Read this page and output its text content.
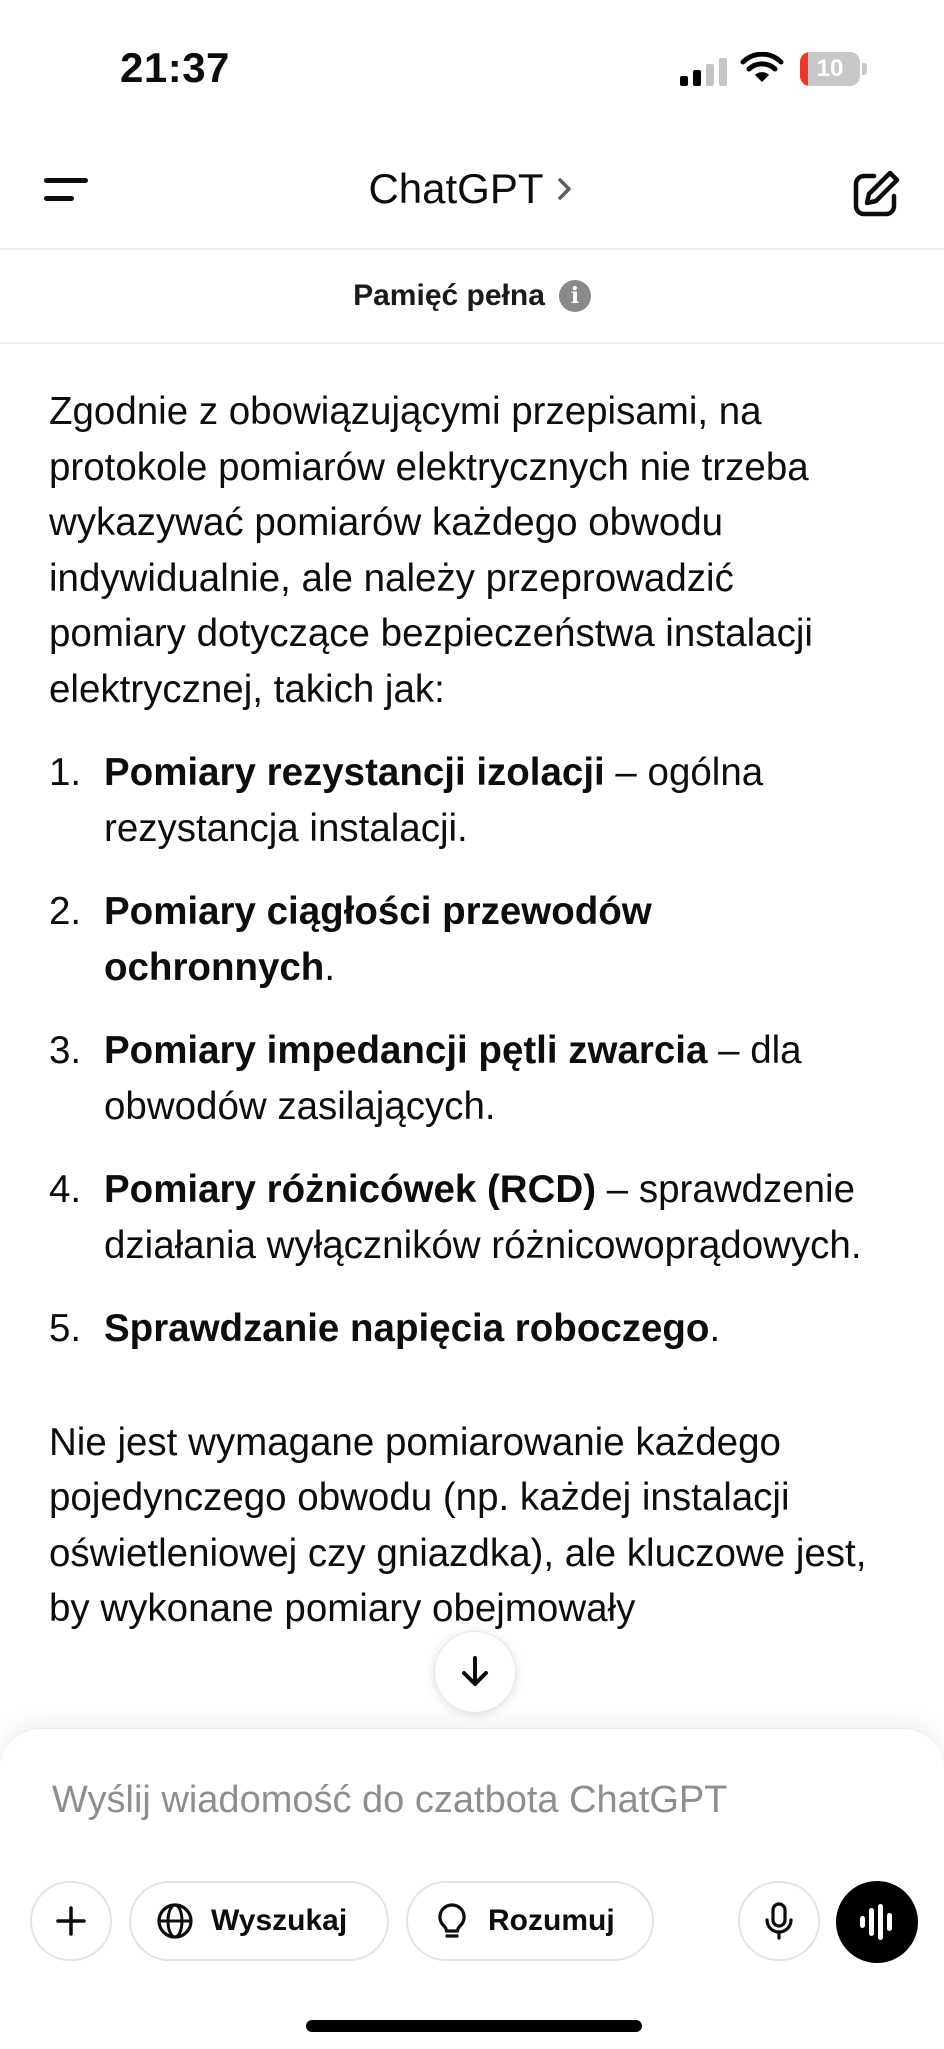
21:37	10
ChatGPT
Pamięć pełna	i

Zgodnie z obowiązującymi przepisami, na protokole pomiarów elektrycznych nie trzeba wykazywać pomiarów każdego obwodu indywidualnie, ale należy przeprowadzić pomiary dotyczące bezpieczeństwa instalacji elektrycznej, takich jak:

1. Pomiary rezystancji izolacji – ogólna rezystancja instalacji.
2. Pomiary ciągłości przewodów ochronnych.
3. Pomiary impedancji pętli zwarcia – dla obwodów zasilających.
4. Pomiary różnicówek (RCD) – sprawdzenie działania wyłączników różnicowoprądowych.
5. Sprawdzanie napięcia roboczego.

Nie jest wymagane pomiarowanie każdego pojedynczego obwodu (np. każdej instalacji oświetleniowej czy gniazdka), ale kluczowe jest, by wykonane pomiary obejmowały

Wyślij wiadomość do czatbota ChatGPT
Wyszukaj	Rozumuj
